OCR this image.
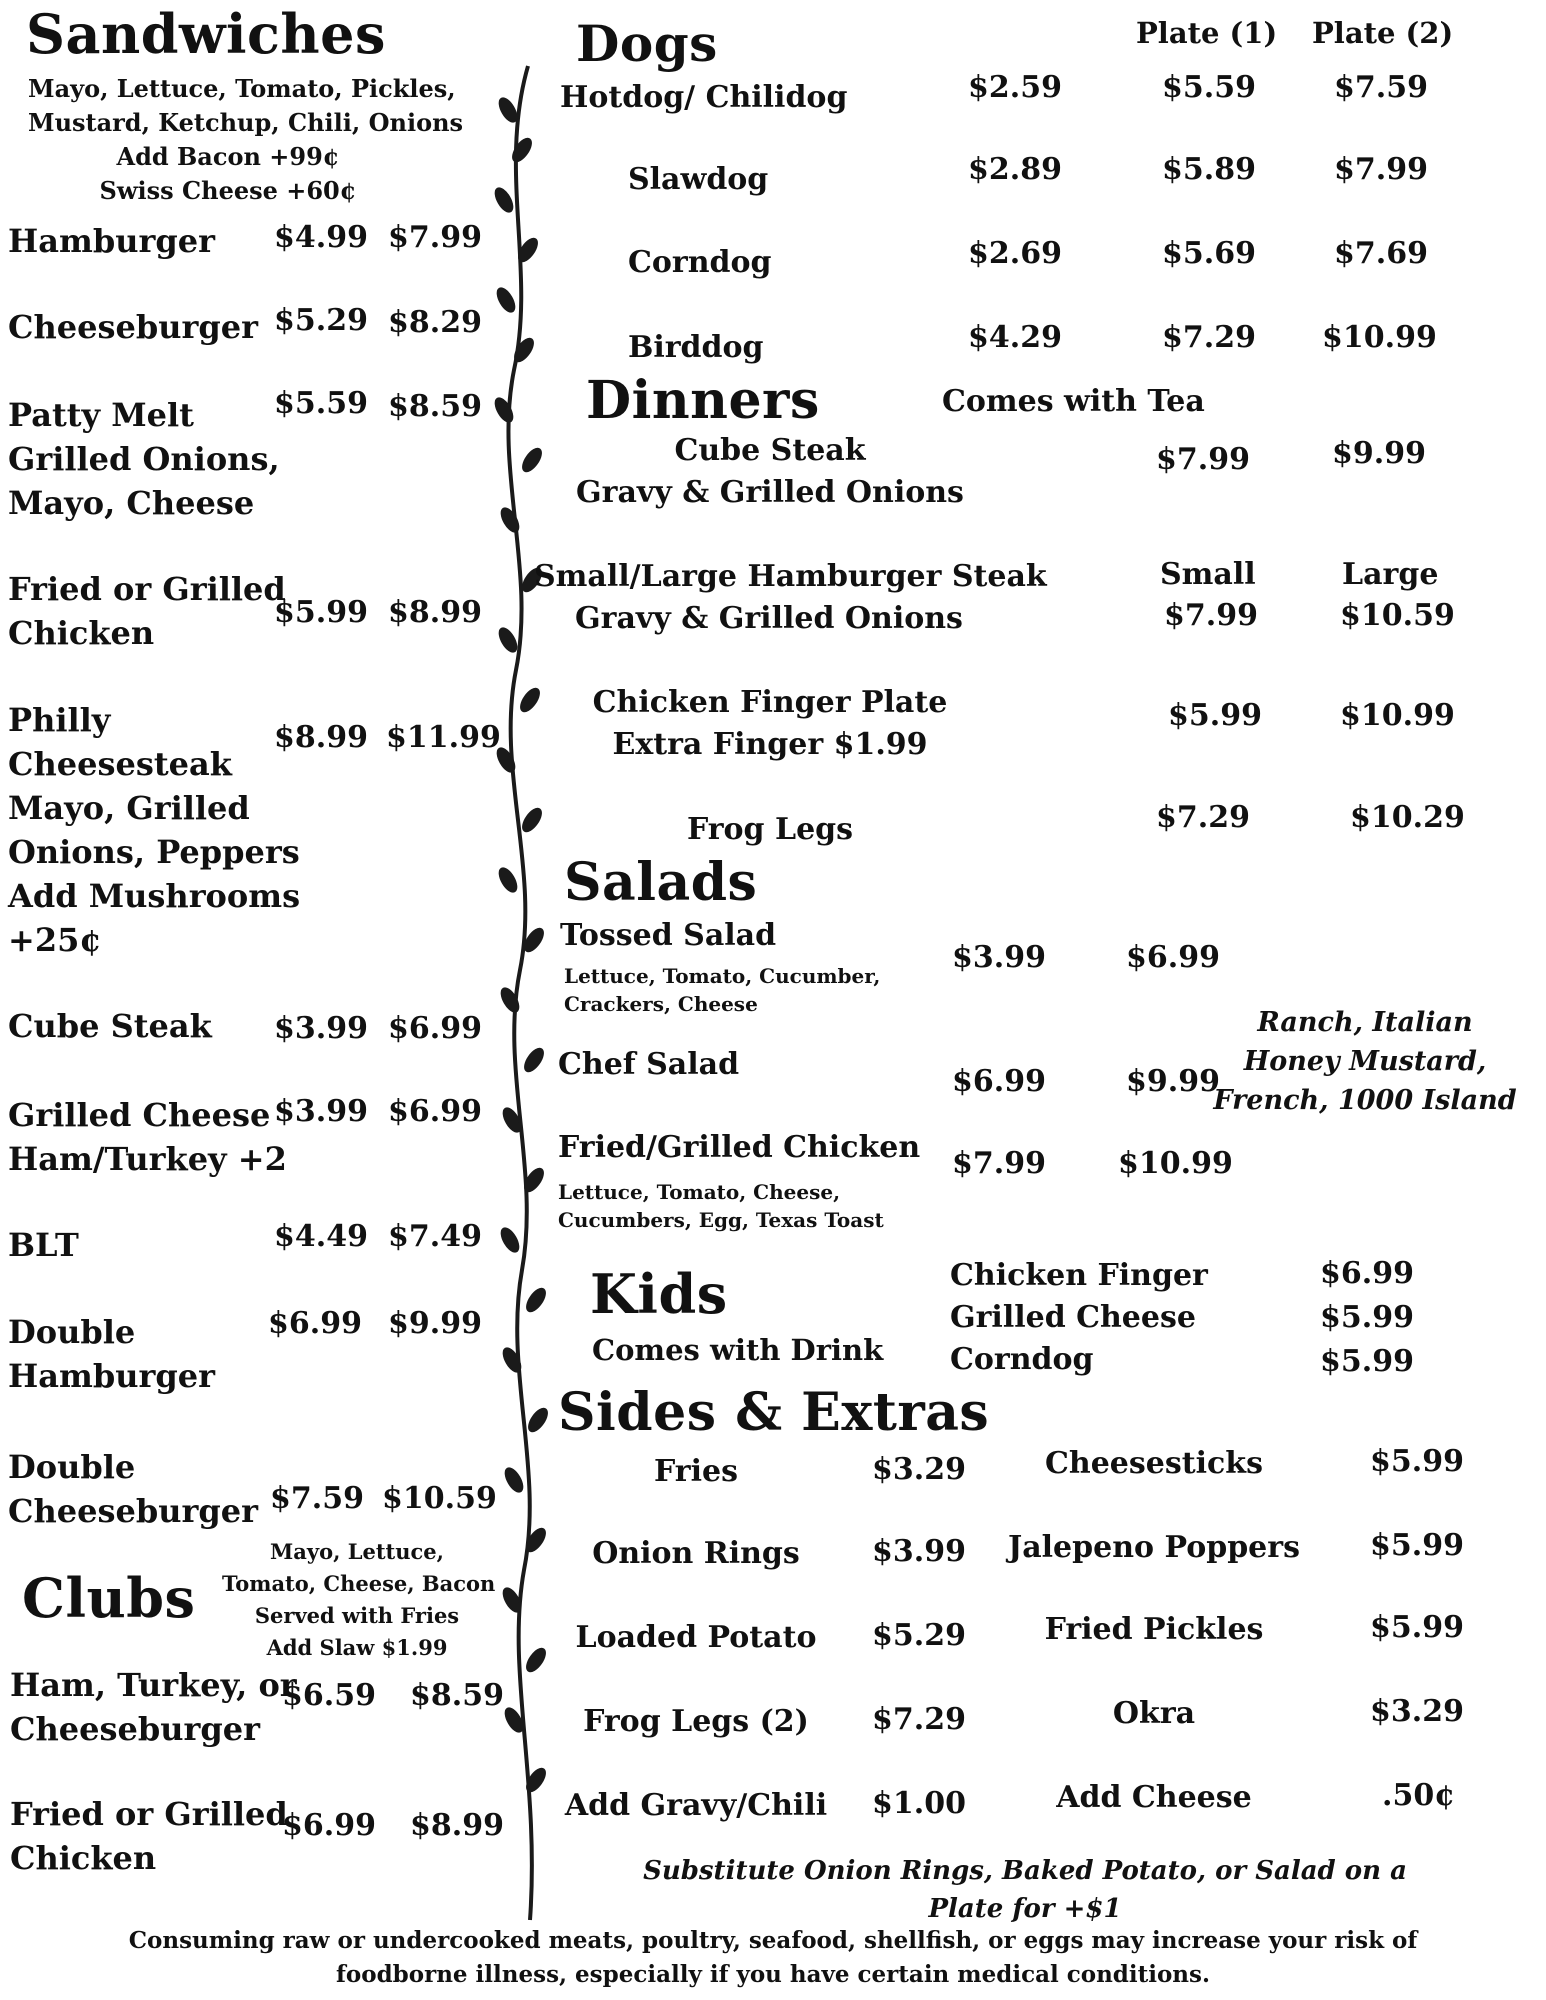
Sandwiches
Mayo, Lettuce, Tomato, Pickles,
Mustard, Ketchup, Chili, Onions
Add Bacon +99¢
Swiss Cheese +60¢
Hamburger $4.99 $7.99
Cheeseburger $5.29 $8.29
Patty Melt
Grilled Onions,
Mayo, Cheese
$5.59 $8.59
Fried or Grilled
Chicken
$5.99 $8.99
Philly
Cheesesteak
Mayo, Grilled
Onions, Peppers
Add Mushrooms
+25¢
$8.99 $11.99
Cube Steak $3.99 $6.99
Grilled Cheese
Ham/Turkey +2
$3.99 $6.99
BLT	$4.49 $7.49
Double
Hamburger
$6.99 $9.99
Double
Cheeseburger $7.59 $10.59
Clubs
Mayo, Lettuce,
Tomato, Cheese, Bacon
Served with Fries
Add Slaw $1.99
Ham, Turkey, or
Cheeseburger
$6.59 $8.59
Fried or Grilled
Chicken
$6.99 $8.99
Dogs	Plate (1) Plate (2)
Hotdog/ Chilidog	$2.59	$5.59	$7.59
Slawdog	$2.89	$5.89	$7.99
Corndog	$2.69	$5.69	$7.69
Birddog	$4.29	$7.29 $10.99
Dinners	Comes with Tea
Cube Steak
Gravy & Grilled Onions
$7.99	$9.99
Small/Large Hamburger Steak
Gravy & Grilled Onions
Small	Large
$7.99	$10.59
Chicken Finger Plate
Extra Finger $1.99
$5.99	$10.99
Frog Legs	$7.29	$10.29
Salads
Tossed Salad
Lettuce, Tomato, Cucumber,
Crackers, Cheese
$3.99	$6.99
Chef Salad	$6.99	$9.99
Fried/Grilled Chicken
Lettuce, Tomato, Cheese,
Cucumbers, Egg, Texas Toast
$7.99 $10.99
Ranch, Italian
Honey Mustard,
French, 1000 Island
Kids
Comes with Drink
Chicken Finger	$6.99
Grilled Cheese	$5.99
Corndog	$5.99
Sides & Extras
Fries	$3.29
Onion Rings	$3.99
Loaded Potato	$5.29
Frog Legs (2)	$7.29
Add Gravy/Chili $1.00
Cheesesticks	$5.99
Jalepeno Poppers $5.99
Fried Pickles	$5.99
Okra	$3.29
Add Cheese	.50¢
Substitute Onion Rings, Baked Potato, or Salad on a
Plate for +$1
Consuming raw or undercooked meats, poultry, seafood, shellfish, or eggs may increase your risk of
foodborne illness, especially if you have certain medical conditions.
